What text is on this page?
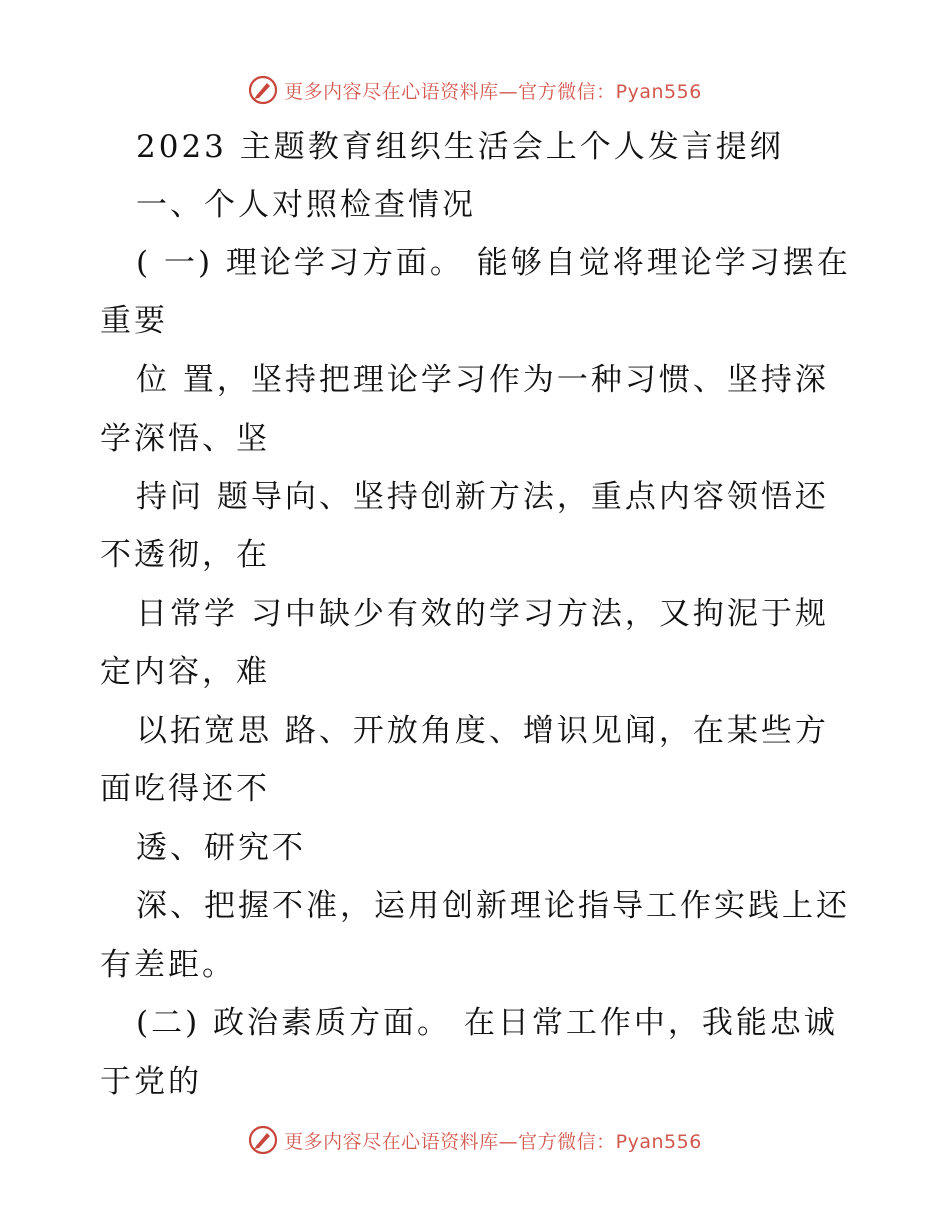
更多内容尽在心语资料库—官方微信：Pyan556
2023 主题教育组织生活会上个人发言提纲
一、个人对照检查情况
( 一) 理论学习方面。 能够自觉将理论学习摆在
重要
位 置，坚持把理论学习作为一种习惯、坚持深
学深悟、坚
持问 题导向、坚持创新方法，重点内容领悟还
不透彻，在
日常学 习中缺少有效的学习方法，又拘泥于规
定内容，难
以拓宽思 路、开放角度、增识见闻，在某些方
面吃得还不
透、研究不
深、把握不准，运用创新理论指导工作实践上还
有差距。
(二) 政治素质方面。 在日常工作中，我能忠诚
于党的
更多内容尽在心语资料库—官方微信：Pyan556
